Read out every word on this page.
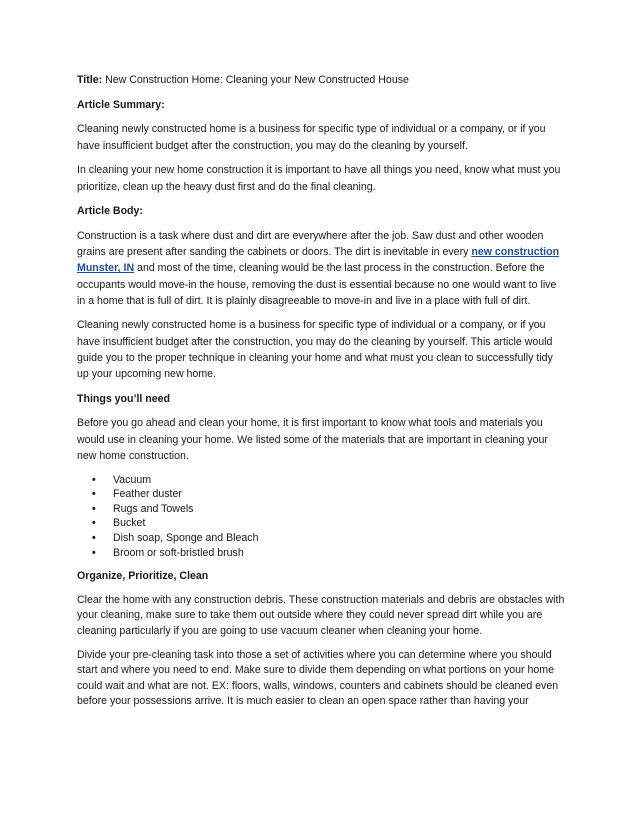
Title: New Construction Home: Cleaning your New Constructed House

Article Summary:

Cleaning newly constructed home is a business for specific type of individual or a company, or if you have insufficient budget after the construction, you may do the cleaning by yourself.

In cleaning your new home construction it is important to have all things you need, know what must you prioritize, clean up the heavy dust first and do the final cleaning.

Article Body:

Construction is a task where dust and dirt are everywhere after the job. Saw dust and other wooden grains are present after sanding the cabinets or doors. The dirt is inevitable in every new construction Munster, IN and most of the time, cleaning would be the last process in the construction. Before the occupants would move-in the house, removing the dust is essential because no one would want to live in a home that is full of dirt. It is plainly disagreeable to move-in and live in a place with full of dirt.

Cleaning newly constructed home is a business for specific type of individual or a company, or if you have insufficient budget after the construction, you may do the cleaning by yourself. This article would guide you to the proper technique in cleaning your home and what must you clean to successfully tidy up your upcoming new home.

Things you’ll need

Before you go ahead and clean your home, it is first important to know what tools and materials you would use in cleaning your home. We listed some of the materials that are important in cleaning your new home construction.

• Vacuum
• Feather duster
• Rugs and Towels
• Bucket
• Dish soap, Sponge and Bleach
• Broom or soft-bristled brush

Organize, Prioritize, Clean

Clear the home with any construction debris. These construction materials and debris are obstacles with your cleaning, make sure to take them out outside where they could never spread dirt while you are cleaning particularly if you are going to use vacuum cleaner when cleaning your home.

Divide your pre-cleaning task into those a set of activities where you can determine where you should start and where you need to end. Make sure to divide them depending on what portions on your home could wait and what are not. EX: floors, walls, windows, counters and cabinets should be cleaned even before your possessions arrive. It is much easier to clean an open space rather than having your
